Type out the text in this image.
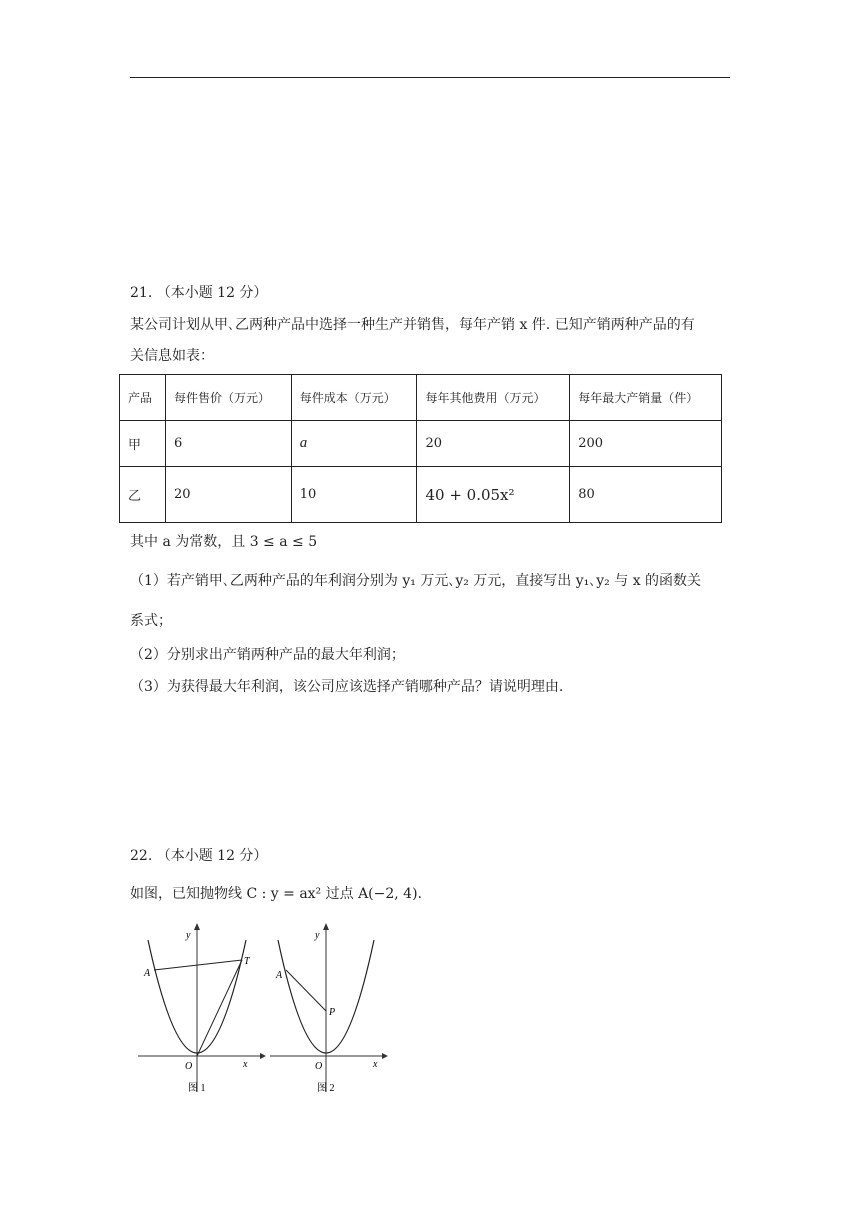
21. （本小题 12 分）
某公司计划从甲､乙两种产品中选择一种生产并销售，每年产销 x 件. 已知产销两种产品的有
关信息如表：
产品	每件售价（万元）	每件成本（万元）	每年其他费用（万元）	每年最大产销量（件）
甲	6	a	20	200
乙	20	10	40 + 0.05x²	80
其中 a 为常数，且 3 ≤ a ≤ 5
（1）若产销甲､乙两种产品的年利润分别为 y₁ 万元､y₂ 万元，直接写出 y₁､y₂ 与 x 的函数关
系式；
（2）分别求出产销两种产品的最大年利润；
（3）为获得最大年利润，该公司应该选择产销哪种产品？请说明理由.
22. （本小题 12 分）
如图，已知抛物线 C : y = ax² 过点 A(−2, 4).
y
x
O
A
T
图 1
y
x
O
A
P
图 2
